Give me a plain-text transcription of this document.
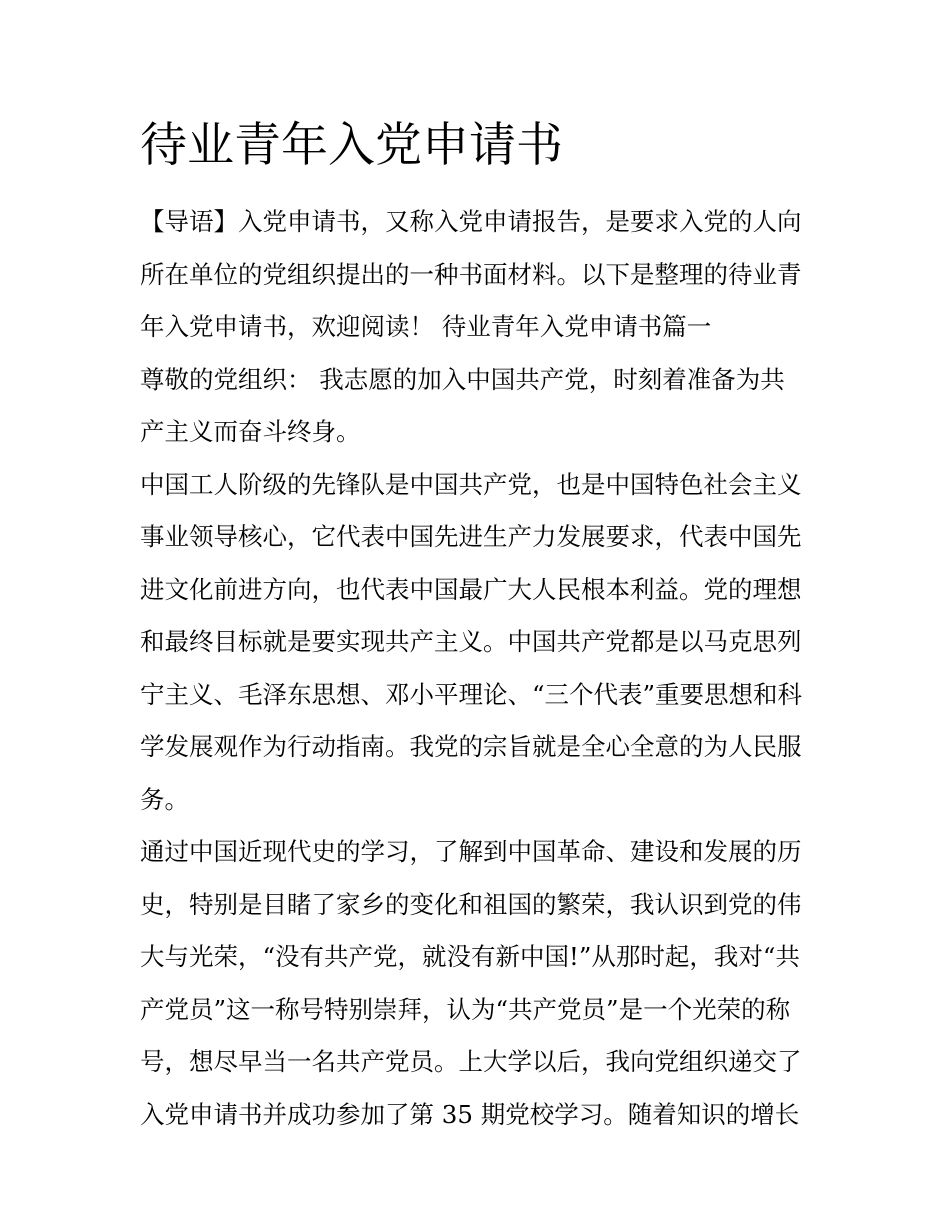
待业青年入党申请书
【导语】入党申请书，又称入党申请报告，是要求入党的人向
所在单位的党组织提出的一种书面材料。以下是整理的待业青
年入党申请书，欢迎阅读！ 待业青年入党申请书篇一
尊敬的党组织： 我志愿的加入中国共产党，时刻着准备为共
产主义而奋斗终身。
中国工人阶级的先锋队是中国共产党，也是中国特色社会主义
事业领导核心，它代表中国先进生产力发展要求，代表中国先
进文化前进方向，也代表中国最广大人民根本利益。党的理想
和最终目标就是要实现共产主义。中国共产党都是以马克思列
宁主义、毛泽东思想、邓小平理论、“三个代表”重要思想和科
学发展观作为行动指南。我党的宗旨就是全心全意的为人民服
务。
通过中国近现代史的学习，了解到中国革命、建设和发展的历
史，特别是目睹了家乡的变化和祖国的繁荣，我认识到党的伟
大与光荣，“没有共产党，就没有新中国!”从那时起，我对“共
产党员”这一称号特别崇拜，认为“共产党员”是一个光荣的称
号，想尽早当一名共产党员。上大学以后，我向党组织递交了
入党申请书并成功参加了第 35 期党校学习。随着知识的增长
